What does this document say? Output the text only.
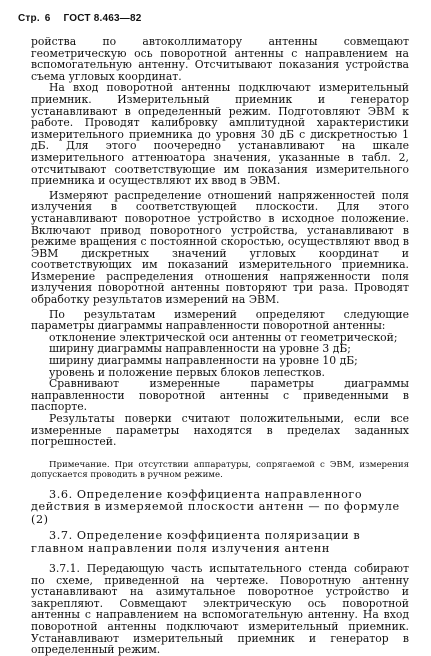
Стр. 6 ГОСТ 8.463—82

ройства по автоколлиматору антенны совмещают геометрическую ось поворотной антенны с направлением на вспомогательную антенну. Отсчитывают показания устройства съема угловых координат.

На вход поворотной антенны подключают измерительный приемник. Измерительный приемник и генератор устанавливают в определенный режим. Подготовляют ЭВМ к работе. Проводят калибровку амплитудной характеристики измерительного приемника до уровня 30 дБ с дискретностью 1 дБ. Для этого поочередно устанавливают на шкале измерительного аттенюатора значения, указанные в табл. 2, отсчитывают соответствующие им показания измерительного приемника и осуществляют их ввод в ЭВМ.

Измеряют распределение отношений напряженностей поля излучения в соответствующей плоскости. Для этого устанавливают поворотное устройство в исходное положение. Включают привод поворотного устройства, устанавливают в режиме вращения с постоянной скоростью, осуществляют ввод в ЭВМ дискретных значений угловых координат и соответствующих им показаний измерительного приемника. Измерение распределения отношения напряженности поля излучения поворотной антенны повторяют три раза. Проводят обработку результатов измерений на ЭВМ.

По результатам измерений определяют следующие параметры диаграммы направленности поворотной антенны:

отклонение электрической оси антенны от геометрической;

ширину диаграммы направленности на уровне 3 дБ;

ширину диаграммы направленности на уровне 10 дБ;

уровень и положение первых блоков лепестков.

Сравнивают измеренные параметры диаграммы направленности поворотной антенны с приведенными в паспорте.

Результаты поверки считают положительными, если все измеренные параметры находятся в пределах заданных погрешностей.

Примечание. При отсутствии аппаратуры, сопрягаемой с ЭВМ, измерения допускается проводить в ручном режиме.

3.6. Определение коэффициента направленного действия в измеряемой плоскости антенн — по формуле (2)

3.7. Определение коэффициента поляризации в главном направлении поля излучения антенн

3.7.1. Передающую часть испытательного стенда собирают по схеме, приведенной на чертеже. Поворотную антенну устанавливают на азимутальное поворотное устройство и закрепляют. Совмещают электрическую ось поворотной антенны с направлением на вспомогательную антенну. На вход поворотной антенны подключают измерительный приемник. Устанавливают измерительный приемник и генератор в определенный режим.
